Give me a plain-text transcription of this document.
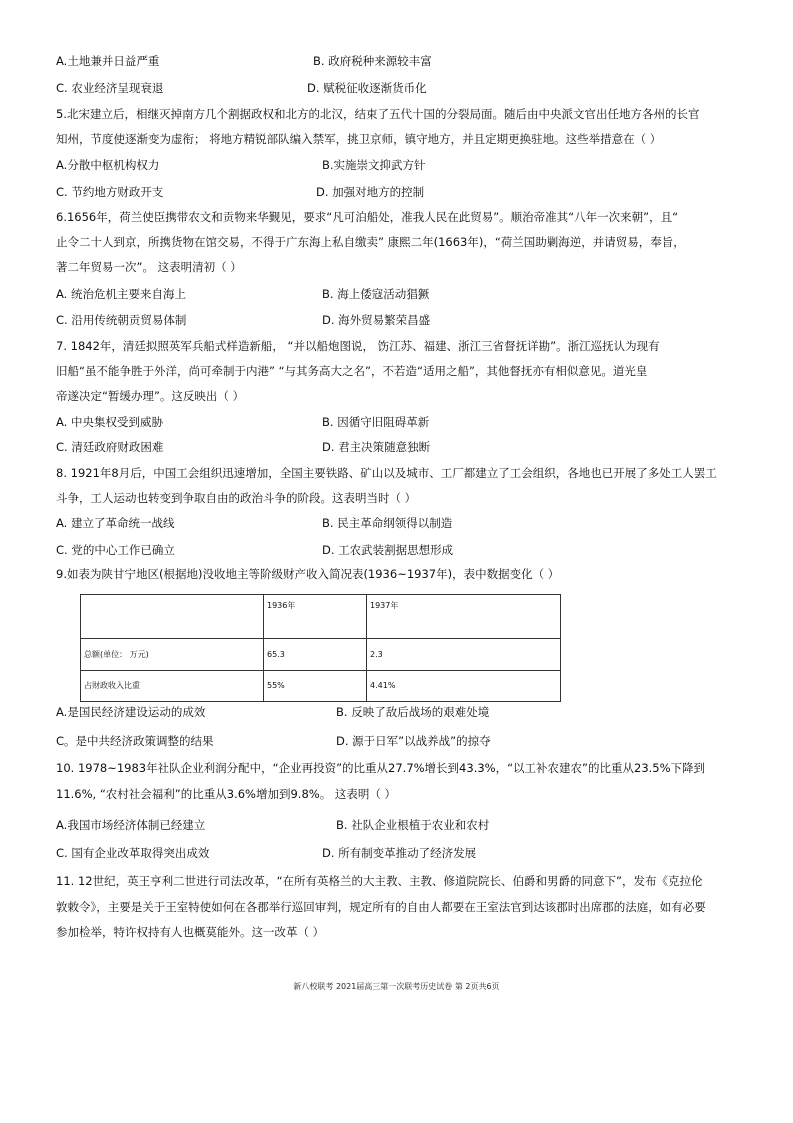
A.土地兼并日益严重	B. 政府税种来源较丰富
C. 农业经济呈现衰退	D. 赋税征收逐渐货币化
5.北宋建立后，相继灭掉南方几个割据政权和北方的北汉，结束了五代十国的分裂局面。随后由中央派文官出任地方各州的长官
知州，节度使逐渐变为虚衔； 将地方精锐部队编入禁军，挑卫京师，镇守地方，并且定期更换驻地。这些举措意在（ ）
A.分散中枢机构权力	B.实施崇文抑武方针
C. 节约地方财政开支	D. 加强对地方的控制
6.1656年，荷兰使臣携带农文和贡物来华觐见，要求“凡可泊船处，准我人民在此贸易”。顺治帝准其“八年一次来朝”，且“
止令二十人到京，所携货物在馆交易，不得于广东海上私自缴卖” 康熙二年(1663年)，“荷兰国助剿海逆，并请贸易，奉旨，
著二年贸易一次”。 这表明清初（ ）
A. 统治危机主要来自海上	B. 海上倭寇活动猖獗
C. 沿用传统朝贡贸易体制	D. 海外贸易繁荣昌盛
7. 1842年，清廷拟照英军兵船式样造新船， “并以船炮图说， 饬江苏、福建、浙江三省督抚详勘”。浙江巡抚认为现有
旧船“虽不能争胜于外洋，尚可牵制于内港” “与其务高大之名”，不若造“适用之船”，其他督抚亦有相似意见。道光皇
帝遂决定“暂缓办理”。这反映出（ ）
A. 中央集权受到威胁	B. 因循守旧阻碍革新
C. 清廷政府财政困难	D. 君主决策随意独断
8. 1921年8月后，中国工会组织迅速增加，全国主要铁路、矿山以及城市、工厂都建立了工会组织，各地也已开展了多处工人罢工
斗争，工人运动也转变到争取自由的政治斗争的阶段。这表明当时（ ）
A. 建立了革命统一战线	B. 民主革命纲领得以制造
C. 党的中心工作已确立	D. 工农武装割据思想形成
9.如表为陕甘宁地区(根据地)没收地主等阶级财产收入简况表(1936~1937年)，表中数据变化（ ）
	1936年	1937年
总额(单位： 万元)	65.3	2.3
占财政收入比重	55%	4.41%
A.是国民经济建设运动的成效	B. 反映了敌后战场的艰难处境
C。是中共经济政策调整的结果	D. 源于日军”以战养战”的掠夺
10. 1978~1983年社队企业利润分配中，“企业再投资”的比重从27.7%增长到43.3%，“以工补农建农”的比重从23.5%下降到
11.6%, “农村社会福利”的比重从3.6%增加到9.8%。 这表明（ ）
A.我国市场经济体制已经建立	B. 社队企业根植于农业和农村
C. 国有企业改革取得突出成效	D. 所有制变革推动了经济发展
11. 12世纪，英王亨利二世进行司法改革，“在所有英格兰的大主教、主教、修道院院长、伯爵和男爵的同意下”，发布《克拉伦
敦敕令》，主要是关于王室特使如何在各郡举行巡回审判，规定所有的自由人都要在王室法官到达该郡时出席郡的法庭，如有必要
参加检举，特许权持有人也概莫能外。这一改革（ ）
新八校联考 2021届高三第一次联考历史试卷 第 2页共6页
